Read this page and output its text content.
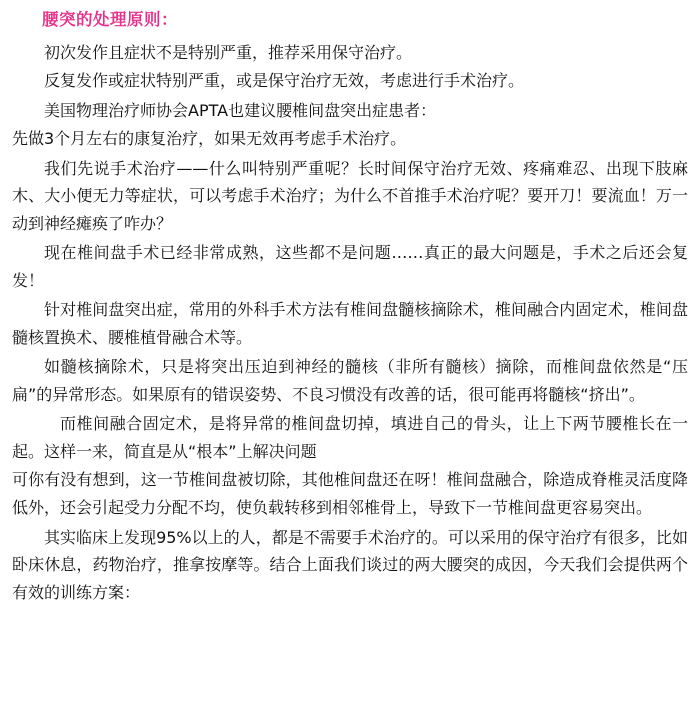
腰突的处理原则：

初次发作且症状不是特别严重，推荐采用保守治疗。

反复发作或症状特别严重，或是保守治疗无效，考虑进行手术治疗。

美国物理治疗师协会APTA也建议腰椎间盘突出症患者：

先做3个月左右的康复治疗，如果无效再考虑手术治疗。

我们先说手术治疗——什么叫特别严重呢？长时间保守治疗无效、疼痛难忍、出现下肢麻木、大小便无力等症状，可以考虑手术治疗；为什么不首推手术治疗呢？要开刀！要流血！万一动到神经瘫痪了咋办？

现在椎间盘手术已经非常成熟，这些都不是问题……真正的最大问题是，手术之后还会复发！

针对椎间盘突出症，常用的外科手术方法有椎间盘髓核摘除术，椎间融合内固定术，椎间盘髓核置换术、腰椎植骨融合术等。

如髓核摘除术，只是将突出压迫到神经的髓核（非所有髓核）摘除，而椎间盘依然是“压扁”的异常形态。如果原有的错误姿势、不良习惯没有改善的话，很可能再将髓核“挤出”。

而椎间融合固定术，是将异常的椎间盘切掉，填进自己的骨头，让上下两节腰椎长在一起。这样一来，简直是从“根本”上解决问题

可你有没有想到，这一节椎间盘被切除，其他椎间盘还在呀！椎间盘融合，除造成脊椎灵活度降低外，还会引起受力分配不均，使负载转移到相邻椎骨上，导致下一节椎间盘更容易突出。

其实临床上发现95%以上的人，都是不需要手术治疗的。可以采用的保守治疗有很多，比如卧床休息，药物治疗，推拿按摩等。结合上面我们谈过的两大腰突的成因，今天我们会提供两个有效的训练方案：
